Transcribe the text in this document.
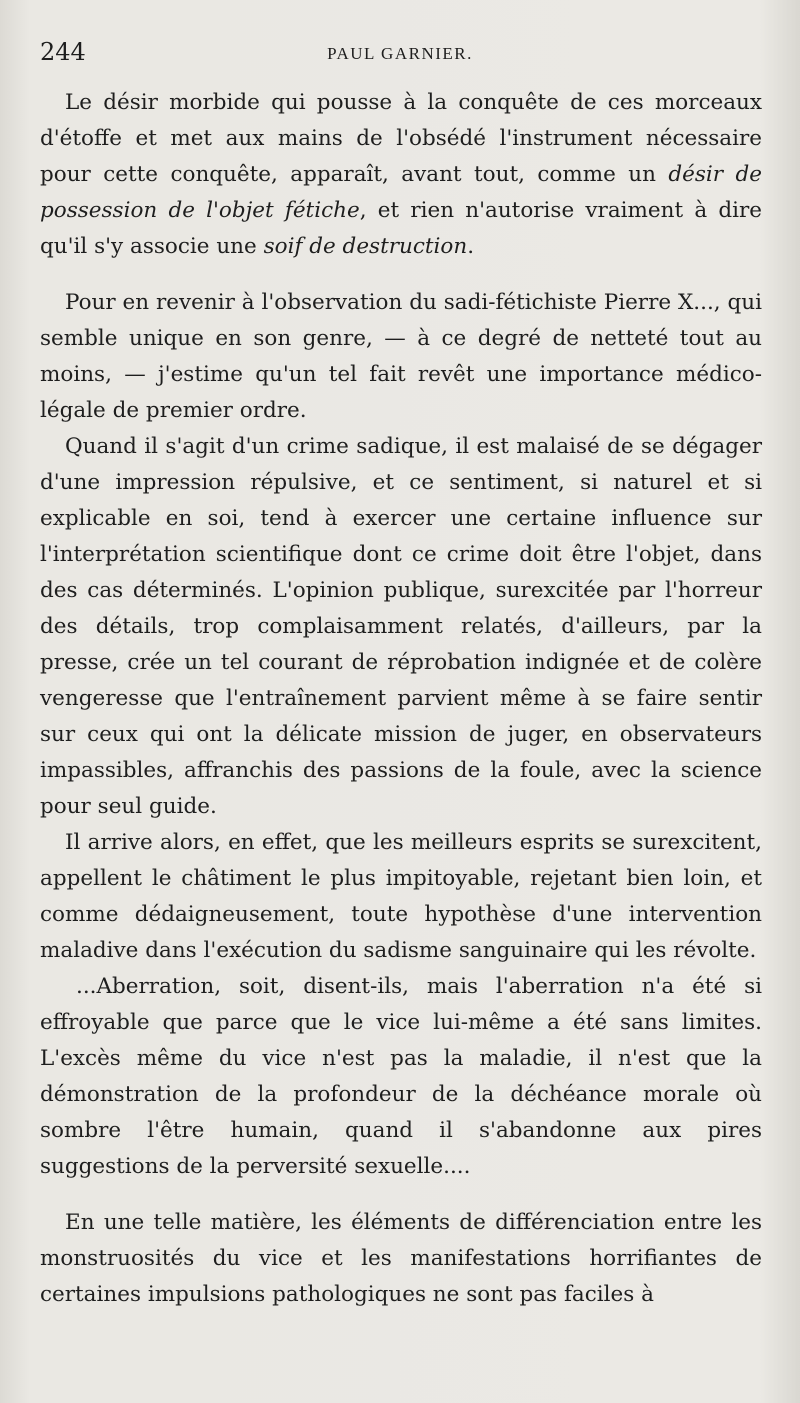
244	PAUL GARNIER.

Le désir morbide qui pousse à la conquête de ces morceaux d'étoffe et met aux mains de l'obsédé l'instrument nécessaire pour cette conquête, apparaît, avant tout, comme un désir de possession de l'objet fétiche, et rien n'autorise vraiment à dire qu'il s'y associe une soif de destruction.

Pour en revenir à l'observation du sadi-fétichiste Pierre X..., qui semble unique en son genre, — à ce degré de netteté tout au moins, — j'estime qu'un tel fait revêt une importance médico-légale de premier ordre.

Quand il s'agit d'un crime sadique, il est malaisé de se dégager d'une impression répulsive, et ce sentiment, si naturel et si explicable en soi, tend à exercer une certaine influence sur l'interprétation scientifique dont ce crime doit être l'objet, dans des cas déterminés. L'opinion publique, surexcitée par l'horreur des détails, trop complaisamment relatés, d'ailleurs, par la presse, crée un tel courant de réprobation indignée et de colère vengeresse que l'entraînement parvient même à se faire sentir sur ceux qui ont la délicate mission de juger, en observateurs impassibles, affranchis des passions de la foule, avec la science pour seul guide.

Il arrive alors, en effet, que les meilleurs esprits se surexcitent, appellent le châtiment le plus impitoyable, rejetant bien loin, et comme dédaigneusement, toute hypothèse d'une intervention maladive dans l'exécution du sadisme sanguinaire qui les révolte.

...Aberration, soit, disent-ils, mais l'aberration n'a été si effroyable que parce que le vice lui-même a été sans limites. L'excès même du vice n'est pas la maladie, il n'est que la démonstration de la profondeur de la déchéance morale où sombre l'être humain, quand il s'abandonne aux pires suggestions de la perversité sexuelle....

En une telle matière, les éléments de différenciation entre les monstruosités du vice et les manifestations horrifiantes de certaines impulsions pathologiques ne sont pas faciles à
